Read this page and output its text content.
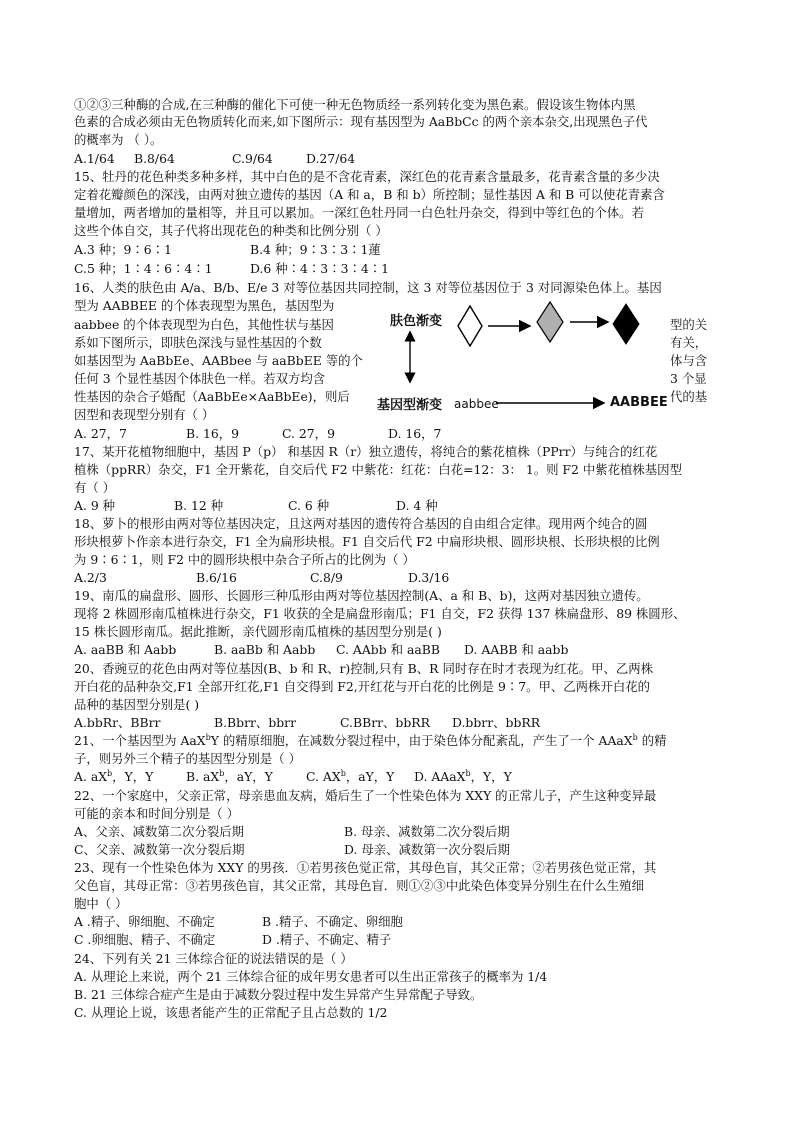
①②③三种酶的合成,在三种酶的催化下可使一种无色物质经一系列转化变为黑色素。假设该生物体内黑
色素的合成必须由无色物质转化而来,如下图所示：现有基因型为 AaBbCc 的两个亲本杂交,出现黑色子代
的概率为 （ ）。
A.1/64 B.8/64	C.9/64	D.27/64
15、牡丹的花色种类多种多样，其中白色的是不含花青素，深红色的花青素含量最多，花青素含量的多少决
定着花瓣颜色的深浅，由两对独立遗传的基因（A 和 a，B 和 b）所控制；显性基因 A 和 B 可以使花青素含
量增加，两者增加的量相等，并且可以累加。一深红色牡丹同一白色牡丹杂交，得到中等红色的个体。若
这些个体自交，其子代将出现花色的种类和比例分别（ ）
A.3 种；9∶6∶1	B.4 种；9∶3∶3∶1蓮
C.5 种；1∶4∶6∶4∶1	D.6 种∶4∶3∶3∶4∶1
16、人类的肤色由 A/a、B/b、E/e 3 对等位基因共同控制，这 3 对等位基因位于 3 对同源染色体上。基因
型为 AABBEE 的个体表现型为黑色，基因型为
aabbee 的个体表现型为白色，其他性状与基因
系如下图所示，即肤色深浅与显性基因的个数
如基因型为 AaBbEe、AABbee 与 aaBbEE 等的个
任何 3 个显性基因个体肤色一样。若双方均含
性基因的杂合子婚配（AaBbEe×AaBbEe)，则后
因型和表现型分别有（ ）
型的关
有关，
体与含
3 个显
代的基
肤色渐变
基因型渐变 aabbee	AABBEE
A. 27，7	B. 16，9	C. 27，9	D. 16，7
17、某开花植物细胞中，基因 P（p） 和基因 R（r）独立遗传，将纯合的紫花植株（PPrr）与纯合的红花
植株（ppRR）杂交，F1 全开紫花，自交后代 F2 中紫花：红花：白花=12：3： 1。则 F2 中紫花植株基因型
有（ ）
A. 9 种	B. 12 种	C. 6 种	D. 4 种
18、萝卜的根形由两对等位基因决定，且这两对基因的遗传符合基因的自由组合定律。现用两个纯合的圆
形块根萝卜作亲本进行杂交，F1 全为扁形块根。F1 自交后代 F2 中扁形块根、圆形块根、长形块根的比例
为 9∶6∶1，则 F2 中的圆形块根中杂合子所占的比例为（ ）
A.2/3	B.6/16	C.8/9	D.3/16
19、南瓜的扁盘形、圆形、长圆形三种瓜形由两对等位基因控制(A、a 和 B、b)，这两对基因独立遗传。
现将 2 株圆形南瓜植株进行杂交，F1 收获的全是扁盘形南瓜；F1 自交，F2 获得 137 株扁盘形、89 株圆形、
15 株长圆形南瓜。据此推断，亲代圆形南瓜植株的基因型分别是( )
A. aaBB 和 Aabb	B. aaBb 和 Aabb C. AAbb 和 aaBB D. AABB 和 aabb
20、香豌豆的花色由两对等位基因(B、b 和 R、r)控制,只有 B、R 同时存在时才表现为红花。甲、乙两株
开白花的品种杂交,F1 全部开红花,F1 自交得到 F2,开红花与开白花的比例是 9∶7。甲、乙两株开白花的
品种的基因型分别是( )
A.bbRr、BBrr	B.Bbrr、bbrr	C.BBrr、bbRR D.bbrr、bbRR
21、一个基因型为 AaX$^b$Y 的精原细胞，在减数分裂过程中，由于染色体分配紊乱，产生了一个 AAaX$^b$ 的精
子，则另外三个精子的基因型分别是（ ）
A. $aX^b$，Y，Y	B. $aX^b$，aY，Y	C. $AX^b$，aY，Y D. AAaX$^b$，Y，Y
22、一个家庭中，父亲正常，母亲患血友病，婚后生了一个性染色体为 XXY 的正常儿子，产生这种变异最
可能的亲本和时间分别是（ ）
A、父亲、减数第二次分裂后期	B. 母亲、减数第二次分裂后期
C、父亲、减数第一次分裂后期	D. 母亲、减数第一次分裂后期
23、现有一个性染色体为 XXY 的男孩．①若男孩色觉正常，其母色盲，其父正常；②若男孩色觉正常，其
父色盲，其母正常：③若男孩色盲，其父正常，其母色盲．则①②③中此染色体变异分别生在什么生殖细
胞中（ ）
A .精子、卵细胞、不确定	B .精子、不确定、卵细胞
C .卵细胞、精子、不确定	D .精子、不确定、精子
24、下列有关 21 三体综合征的说法错误的是（ ）
A. 从理论上来说，两个 21 三体综合征的成年男女患者可以生出正常孩子的概率为 1/4
B. 21 三体综合症产生是由于减数分裂过程中发生异常产生异常配子导致。
C. 从理论上说，该患者能产生的正常配子且占总数的 1/2
